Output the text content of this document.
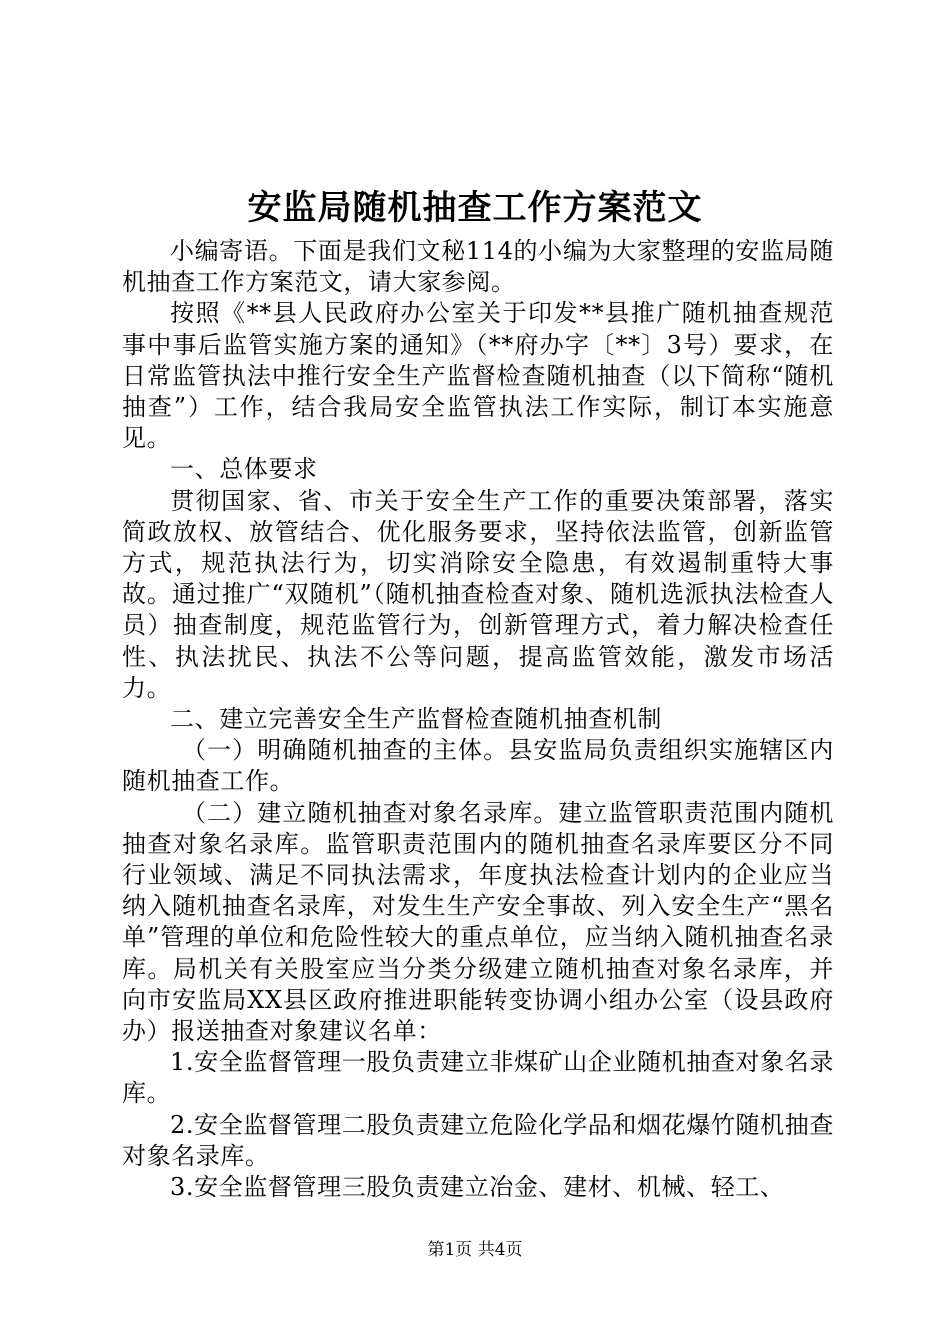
安监局随机抽查工作方案范文

小编寄语。下面是我们文秘114的小编为大家整理的安监局随机抽查工作方案范文，请大家参阅。

按照《**县人民政府办公室关于印发**县推广随机抽查规范事中事后监管实施方案的通知》（**府办字〔**〕3号）要求，在日常监管执法中推行安全生产监督检查随机抽查（以下简称“随机抽查”）工作，结合我局安全监管执法工作实际，制订本实施意见。

一、总体要求

贯彻国家、省、市关于安全生产工作的重要决策部署，落实简政放权、放管结合、优化服务要求，坚持依法监管，创新监管方式，规范执法行为，切实消除安全隐患，有效遏制重特大事故。通过推广“双随机”（随机抽查检查对象、随机选派执法检查人员）抽查制度，规范监管行为，创新管理方式，着力解决检查任性、执法扰民、执法不公等问题，提高监管效能，激发市场活力。

二、建立完善安全生产监督检查随机抽查机制

（一）明确随机抽查的主体。县安监局负责组织实施辖区内随机抽查工作。

（二）建立随机抽查对象名录库。建立监管职责范围内随机抽查对象名录库。监管职责范围内的随机抽查名录库要区分不同行业领域、满足不同执法需求，年度执法检查计划内的企业应当纳入随机抽查名录库，对发生生产安全事故、列入安全生产“黑名单”管理的单位和危险性较大的重点单位，应当纳入随机抽查名录库。局机关有关股室应当分类分级建立随机抽查对象名录库，并向市安监局XX县区政府推进职能转变协调小组办公室（设县政府办）报送抽查对象建议名单：

1.安全监督管理一股负责建立非煤矿山企业随机抽查对象名录库。

2.安全监督管理二股负责建立危险化学品和烟花爆竹随机抽查对象名录库。

3.安全监督管理三股负责建立冶金、建材、机械、轻工、

第1页 共4页
